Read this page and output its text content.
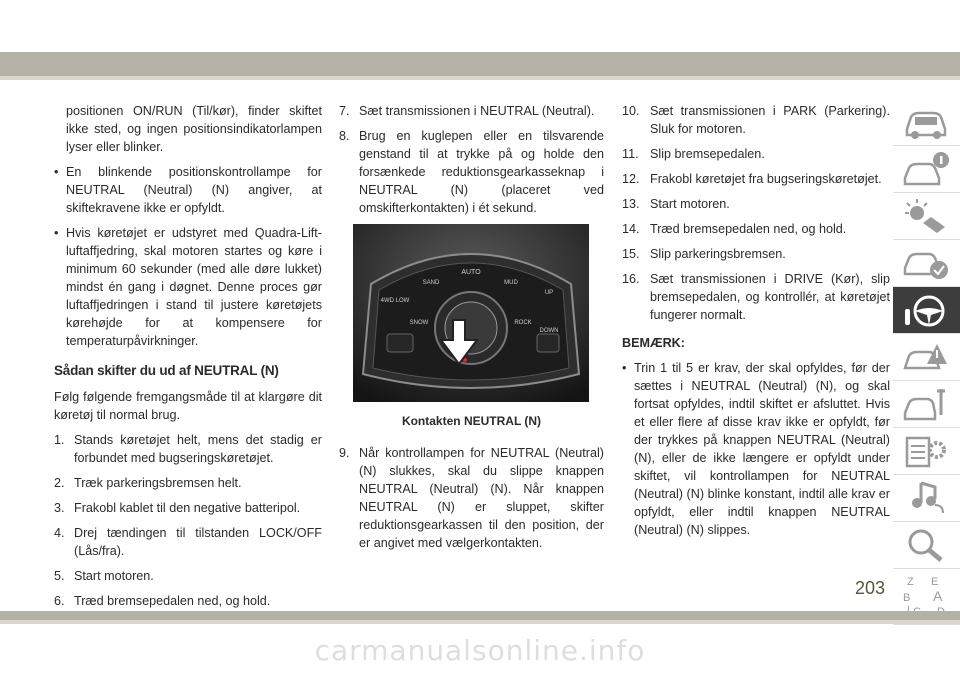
positionen ON/RUN (Til/kør), finder skiftet ikke sted, og ingen positionsindikatorlampen lyser eller blinker.

• En blinkende positionskontrollampe for NEUTRAL (Neutral) (N) angiver, at skiftekravene ikke er opfyldt.
• Hvis køretøjet er udstyret med Quadra-Lift-luftaffjedring, skal motoren startes og køre i minimum 60 sekunder (med alle døre lukket) mindst én gang i døgnet. Denne proces gør luftaffjedringen i stand til justere køretøjets kørehøjde for at kompensere for temperaturpåvirkninger.
Sådan skifter du ud af NEUTRAL (N)

Følg følgende fremgangsmåde til at klargøre dit køretøj til normal brug.

1. Stands køretøjet helt, mens det stadig er forbundet med bugseringskøretøjet.
2. Træk parkeringsbremsen helt.
3. Frakobl kablet til den negative batteripol.
4. Drej tændingen til tilstanden LOCK/OFF (Lås/fra).
5. Start motoren.
6. Træd bremsepedalen ned, og hold.
7. Sæt transmissionen i NEUTRAL (Neutral).
8. Brug en kuglepen eller en tilsvarende genstand til at trykke på og holde den forsænkede reduktionsgearkasseknap i NEUTRAL (N) (placeret ved omskifterkontakten) i ét sekund.
AUTO
SAND	MUD
4WD LOW
SNOW	ROCK
UP
DOWN

Kontakten NEUTRAL (N)

9. Når kontrollampen for NEUTRAL (Neutral) (N) slukkes, skal du slippe knappen NEUTRAL (Neutral) (N). Når knappen NEUTRAL (N) er sluppet, skifter reduktionsgearkassen til den position, der er angivet med vælgerkontakten.
10. Sæt transmissionen i PARK (Parkering). Sluk for motoren.
11. Slip bremsepedalen.
12. Frakobl køretøjet fra bugseringskøretøjet.
13. Start motoren.
14. Træd bremsepedalen ned, og hold.
15. Slip parkeringsbremsen.
16. Sæt transmissionen i DRIVE (Kør), slip bremsepedalen, og kontrollér, at køretøjet fungerer normalt.

BEMÆRK:

• Trin 1 til 5 er krav, der skal opfyldes, før der sættes i NEUTRAL (Neutral) (N), og skal fortsat opfyldes, indtil skiftet er afsluttet. Hvis et eller flere af disse krav ikke er opfyldt, før der trykkes på knappen NEUTRAL (Neutral) (N), eller de ikke længere er opfyldt under skiftet, vil kontrollampen for NEUTRAL (Neutral) (N) blinke konstant, indtil alle krav er opfyldt, eller indtil knappen NEUTRAL (Neutral) (N) slippes.
Z E
B A
203
carmanualsonline.info
